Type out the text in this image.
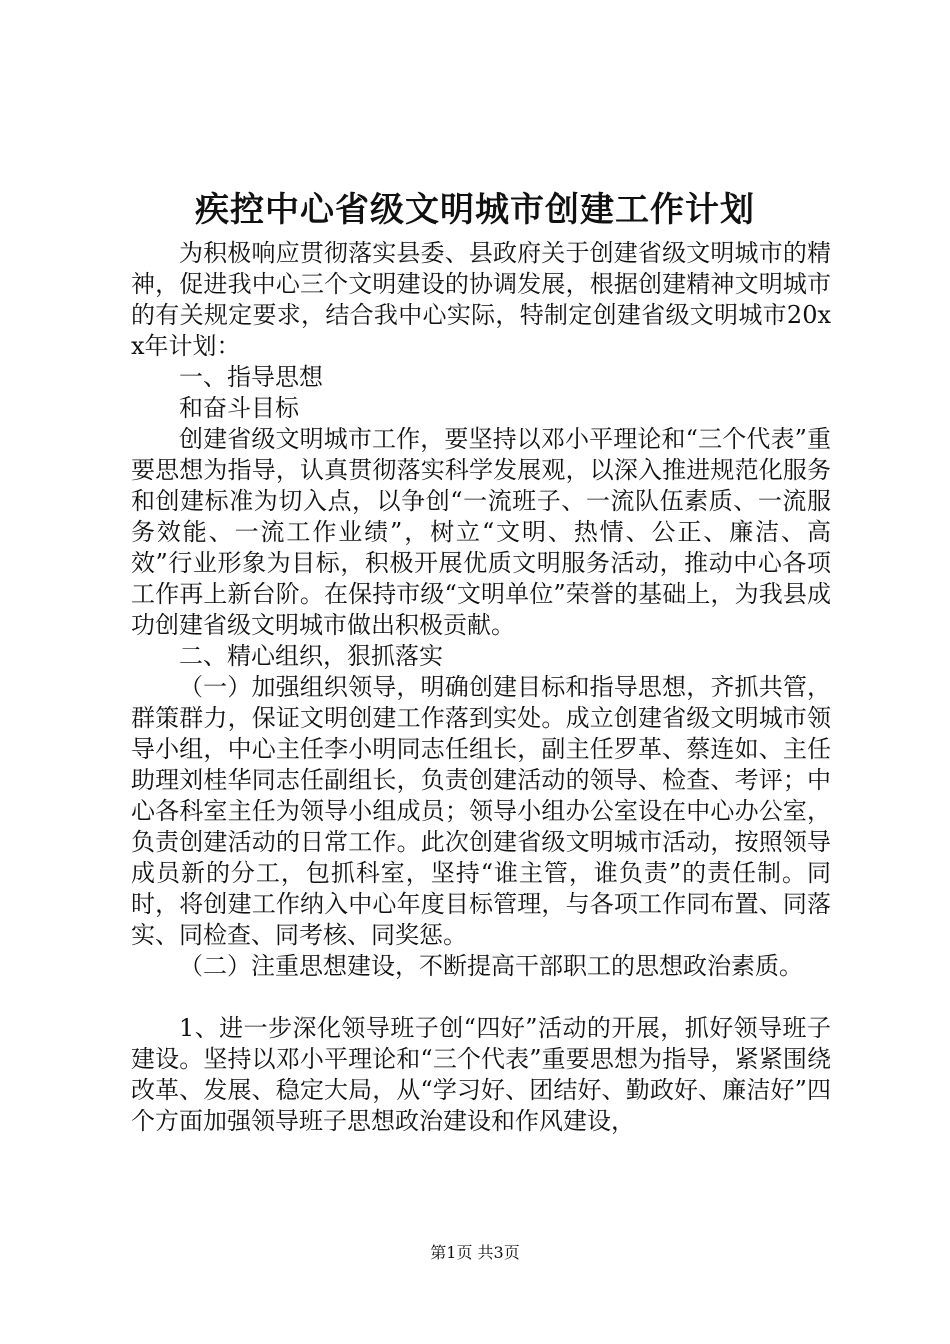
疾控中心省级文明城市创建工作计划

为积极响应贯彻落实县委、县政府关于创建省级文明城市的精神，促进我中心三个文明建设的协调发展，根据创建精神文明城市的有关规定要求，结合我中心实际，特制定创建省级文明城市20xx年计划：

一、指导思想

和奋斗目标

创建省级文明城市工作，要坚持以邓小平理论和“三个代表”重要思想为指导，认真贯彻落实科学发展观，以深入推进规范化服务和创建标准为切入点，以争创“一流班子、一流队伍素质、一流服务效能、一流工作业绩”，树立“文明、热情、公正、廉洁、高效”行业形象为目标，积极开展优质文明服务活动，推动中心各项工作再上新台阶。在保持市级“文明单位”荣誉的基础上，为我县成功创建省级文明城市做出积极贡献。

二、精心组织，狠抓落实

（一）加强组织领导，明确创建目标和指导思想，齐抓共管，群策群力，保证文明创建工作落到实处。成立创建省级文明城市领导小组，中心主任李小明同志任组长，副主任罗革、蔡连如、主任助理刘桂华同志任副组长，负责创建活动的领导、检查、考评；中心各科室主任为领导小组成员；领导小组办公室设在中心办公室，负责创建活动的日常工作。此次创建省级文明城市活动，按照领导成员新的分工，包抓科室，坚持“谁主管，谁负责”的责任制。同时，将创建工作纳入中心年度目标管理，与各项工作同布置、同落实、同检查、同考核、同奖惩。

（二）注重思想建设，不断提高干部职工的思想政治素质。

1、进一步深化领导班子创“四好”活动的开展，抓好领导班子建设。坚持以邓小平理论和“三个代表”重要思想为指导，紧紧围绕改革、发展、稳定大局，从“学习好、团结好、勤政好、廉洁好”四个方面加强领导班子思想政治建设和作风建设，

第1页 共3页
